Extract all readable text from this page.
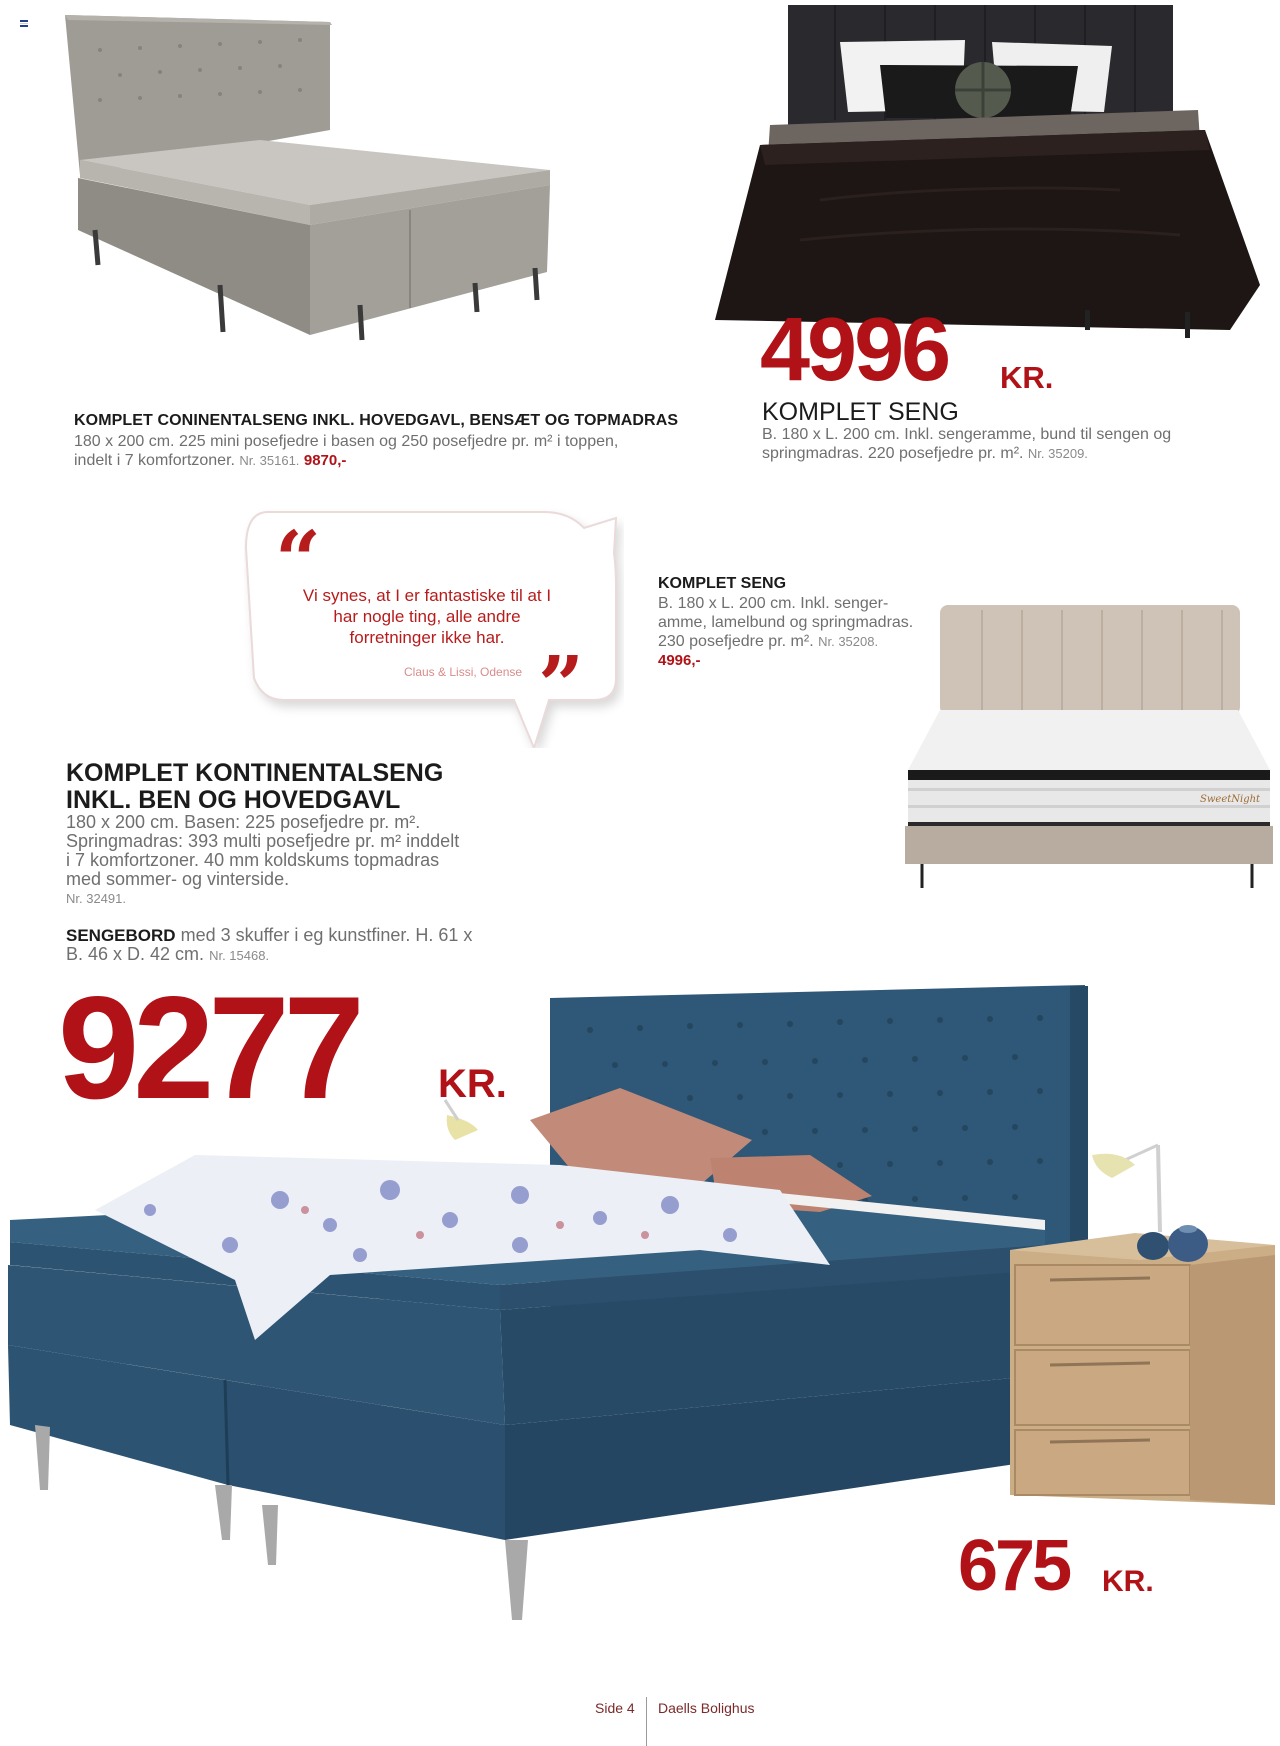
KOMPLET CONINENTALSENG INKL. HOVEDGAVL, BENSÆT OG TOPMADRAS
180 x 200 cm. 225 mini posefjedre i basen og 250 posefjedre pr. m² i toppen, indelt i 7 komfortzoner. Nr. 35161. 9870,-
4996 KR.
KOMPLET SENG
B. 180 x L. 200 cm. Inkl. sengeramme, bund til sengen og springmadras. 220 posefjedre pr. m². Nr. 35209.
“
Vi synes, at I er fantastiske til at I har nogle ting, alle andre forretninger ikke har.
Claus & Lissi, Odense ”
KOMPLET SENG
B. 180 x L. 200 cm. Inkl. senger-amme, lamelbund og springmadras. 230 posefjedre pr. m². Nr. 35208. 4996,-
SweetNight
KOMPLET KONTINENTALSENG
INKL. BEN OG HOVEDGAVL
180 x 200 cm. Basen: 225 posefjedre pr. m². Springmadras: 393 multi posefjedre pr. m² inddelt i 7 komfortzoner. 40 mm koldskums topmadras med sommer- og vinterside.
Nr. 32491.
SENGEBORD med 3 skuffer i eg kunstfiner. H. 61 x B. 46 x D. 42 cm. Nr. 15468.
9277 KR.
675 KR.
Side 4 Daells Bolighus
